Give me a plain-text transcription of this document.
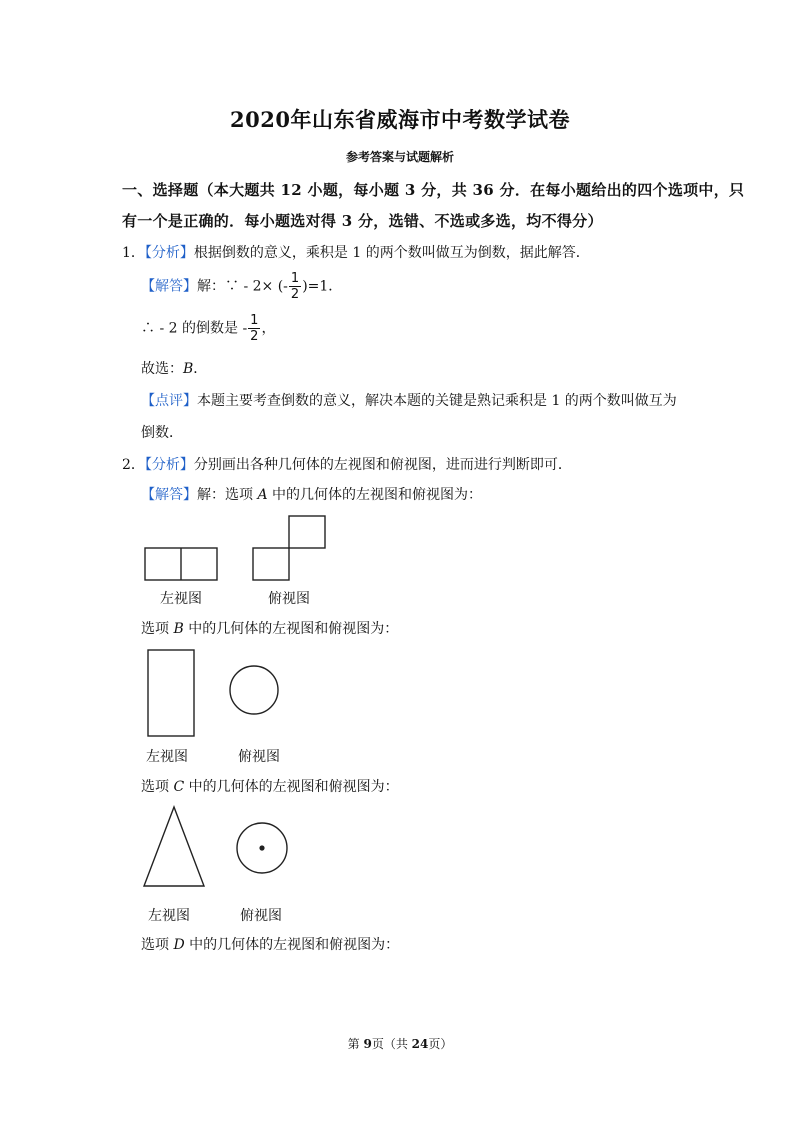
2020年山东省威海市中考数学试卷
参考答案与试题解析
一、选择题（本大题共 12 小题，每小题 3 分，共 36 分．在每小题给出的四个选项中，只
有一个是正确的．每小题选对得 3 分，选错、不选或多选，均不得分）
1．【分析】根据倒数的意义，乘积是 1 的两个数叫做互为倒数，据此解答．
【解答】解：∵ - 2× (- $\frac{1}{2} )=1$．
∴ - 2 的倒数是 - $\frac{1}{2}$ ，
故选：B．
【点评】本题主要考查倒数的意义，解决本题的关键是熟记乘积是 1 的两个数叫做互为
倒数．
2．【分析】分别画出各种几何体的左视图和俯视图，进而进行判断即可．
【解答】解：选项 A 中的几何体的左视图和俯视图为：
左视图	俯视图
选项 B 中的几何体的左视图和俯视图为：
左视图	俯视图
选项 C 中的几何体的左视图和俯视图为：
左视图	俯视图
选项 D 中的几何体的左视图和俯视图为：
第 9页（共 24页）
